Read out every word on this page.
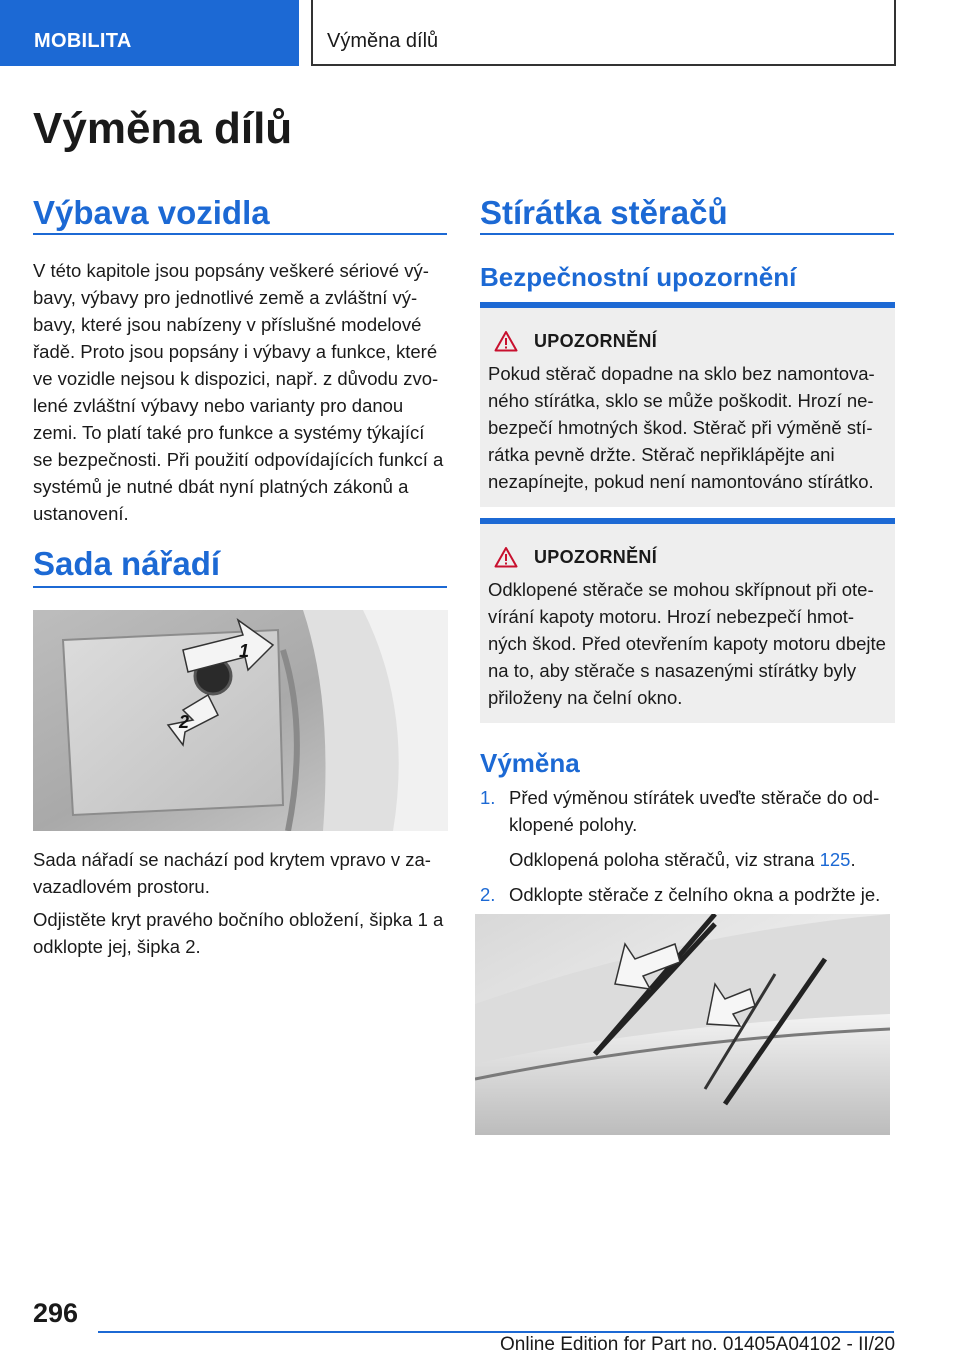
MOBILITA	Výměna dílů
Výměna dílů
Výbava vozidla
V této kapitole jsou popsány veškeré sériové vý-bavy, výbavy pro jednotlivé země a zvláštní vý-bavy, které jsou nabízeny v příslušné modelové řadě. Proto jsou popsány i výbavy a funkce, které ve vozidle nejsou k dispozici, např. z důvodu zvo-lené zvláštní výbavy nebo varianty pro danou zemi. To platí také pro funkce a systémy týkající se bezpečnosti. Při použití odpovídajících funkcí a systémů je nutné dbát nyní platných zákonů a ustanovení.
Sada nářadí
1
2

Sada nářadí se nachází pod krytem vpravo v za-vazadlovém prostoru.

Odjistěte kryt pravého bočního obložení, šipka 1 a odklopte jej, šipka 2.

Stírátka stěračů
Bezpečnostní upozornění
UPOZORNĚNÍ
Pokud stěrač dopadne na sklo bez namontova-ného stírátka, sklo se může poškodit. Hrozí ne-bezpečí hmotných škod. Stěrač při výměně stí-rátka pevně držte. Stěrač nepřiklápějte ani nezapínejte, pokud není namontováno stírátko.
UPOZORNĚNÍ
Odklopené stěrače se mohou skřípnout při ote-vírání kapoty motoru. Hrozí nebezpečí hmot-ných škod. Před otevřením kapoty motoru dbejte na to, aby stěrače s nasazenými stírátky byly přiloženy na čelní okno.
Výměna
1. Před výměnou stírátek uveďte stěrače do od-klopené polohy.
Odklopená poloha stěračů, viz strana 125.
2. Odklopte stěrače z čelního okna a podržte je.
296
Online Edition for Part no. 01405A04102 - II/20
